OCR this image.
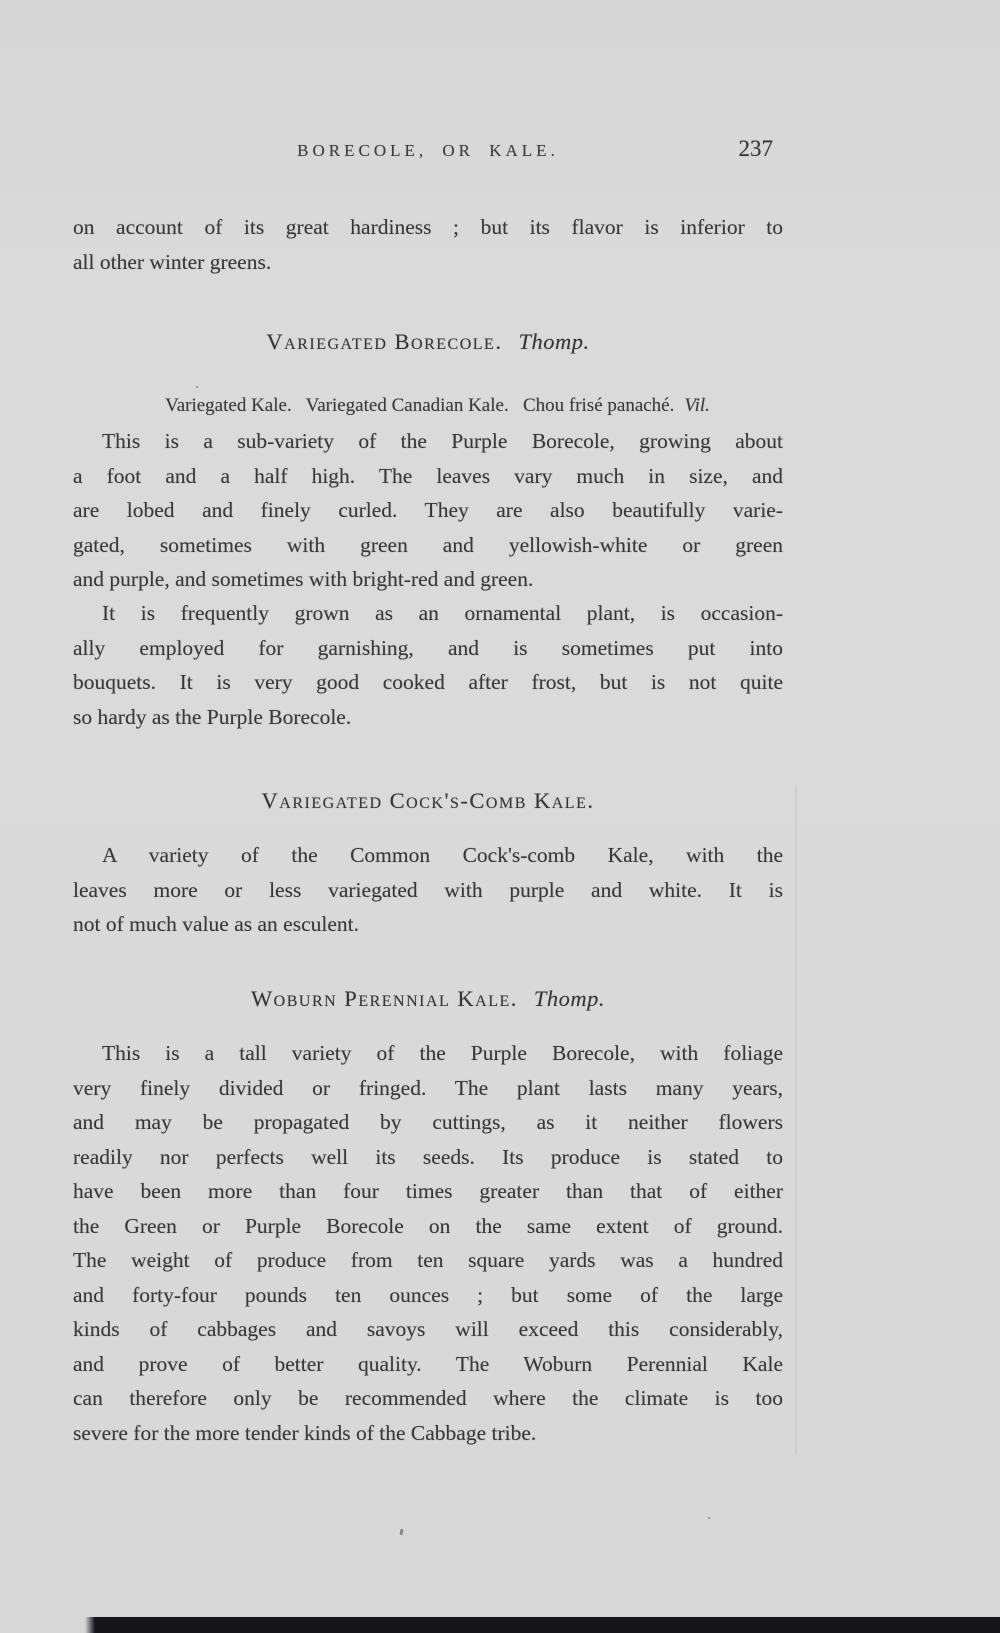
237
BORECOLE, OR KALE.
on account of its great hardiness ; but its flavor is inferior to
all other winter greens.
Variegated Borecole. Thomp.

Variegated Kale.   Variegated Canadian Kale.   Chou frisé panaché. Vil.

This is a sub-variety of the Purple Borecole, growing about
a foot and a half high. The leaves vary much in size, and
are lobed and finely curled. They are also beautifully varie-
gated, sometimes with green and yellowish-white or green
and purple, and sometimes with bright-red and green.
It is frequently grown as an ornamental plant, is occasion-
ally employed for garnishing, and is sometimes put into
bouquets. It is very good cooked after frost, but is not quite
so hardy as the Purple Borecole.
Variegated Cock's-Comb Kale.
A variety of the Common Cock's-comb Kale, with the
leaves more or less variegated with purple and white. It is
not of much value as an esculent.
Woburn Perennial Kale. Thomp.
This is a tall variety of the Purple Borecole, with foliage
very finely divided or fringed. The plant lasts many years,
and may be propagated by cuttings, as it neither flowers
readily nor perfects well its seeds. Its produce is stated to
have been more than four times greater than that of either
the Green or Purple Borecole on the same extent of ground.
The weight of produce from ten square yards was a hundred
and forty-four pounds ten ounces ; but some of the large
kinds of cabbages and savoys will exceed this considerably,
and prove of better quality. The Woburn Perennial Kale
can therefore only be recommended where the climate is too
severe for the more tender kinds of the Cabbage tribe.
